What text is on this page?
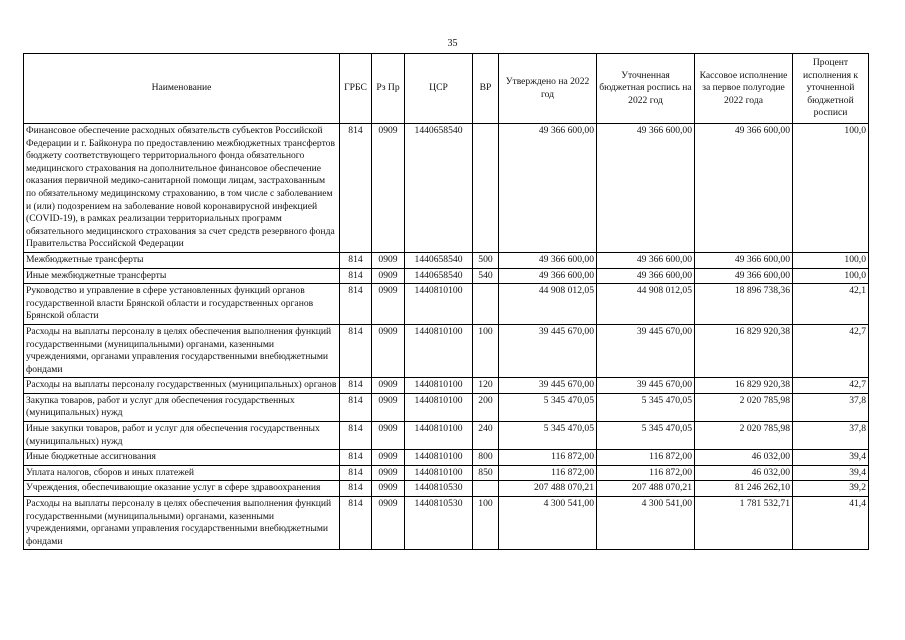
35
Наименование	ГРБС	Рз Пр	ЦСР	ВР	Утверждено на 2022 год	Уточненная бюджетная роспись на 2022 год	Кассовое исполнение за первое полугодие 2022 года	Процент исполнения к уточненной бюджетной росписи
Финансовое обеспечение расходных обязательств субъектов Российской Федерации и г. Байконура по предоставлению межбюджетных трансфертов бюджету соответствующего территориального фонда обязательного медицинского страхования на дополнительное финансовое обеспечение оказания первичной медико-санитарной помощи лицам, застрахованным по обязательному медицинскому страхованию, в том числе с заболеванием и (или) подозрением на заболевание новой коронавирусной инфекцией (COVID-19), в рамках реализации территориальных программ обязательного медицинского страхования за счет средств резервного фонда Правительства Российской Федерации	814	0909	1440658540		49 366 600,00	49 366 600,00	49 366 600,00	100,0
Межбюджетные трансферты	814	0909	1440658540	500	49 366 600,00	49 366 600,00	49 366 600,00	100,0
Иные межбюджетные трансферты	814	0909	1440658540	540	49 366 600,00	49 366 600,00	49 366 600,00	100,0
Руководство и управление в сфере установленных функций органов государственной власти Брянской области и государственных органов Брянской области	814	0909	1440810100		44 908 012,05	44 908 012,05	18 896 738,36	42,1
Расходы на выплаты персоналу в целях обеспечения выполнения функций государственными (муниципальными) органами, казенными учреждениями, органами управления государственными внебюджетными фондами	814	0909	1440810100	100	39 445 670,00	39 445 670,00	16 829 920,38	42,7
Расходы на выплаты персоналу государственных (муниципальных) органов	814	0909	1440810100	120	39 445 670,00	39 445 670,00	16 829 920,38	42,7
Закупка товаров, работ и услуг для обеспечения государственных (муниципальных) нужд	814	0909	1440810100	200	5 345 470,05	5 345 470,05	2 020 785,98	37,8
Иные закупки товаров, работ и услуг для обеспечения государственных (муниципальных) нужд	814	0909	1440810100	240	5 345 470,05	5 345 470,05	2 020 785,98	37,8
Иные бюджетные ассигнования	814	0909	1440810100	800	116 872,00	116 872,00	46 032,00	39,4
Уплата налогов, сборов и иных платежей	814	0909	1440810100	850	116 872,00	116 872,00	46 032,00	39,4
Учреждения, обеспечивающие оказание услуг в сфере здравоохранения	814	0909	1440810530		207 488 070,21	207 488 070,21	81 246 262,10	39,2
Расходы на выплаты персоналу в целях обеспечения выполнения функций государственными (муниципальными) органами, казенными учреждениями, органами управления государственными внебюджетными фондами	814	0909	1440810530	100	4 300 541,00	4 300 541,00	1 781 532,71	41,4
